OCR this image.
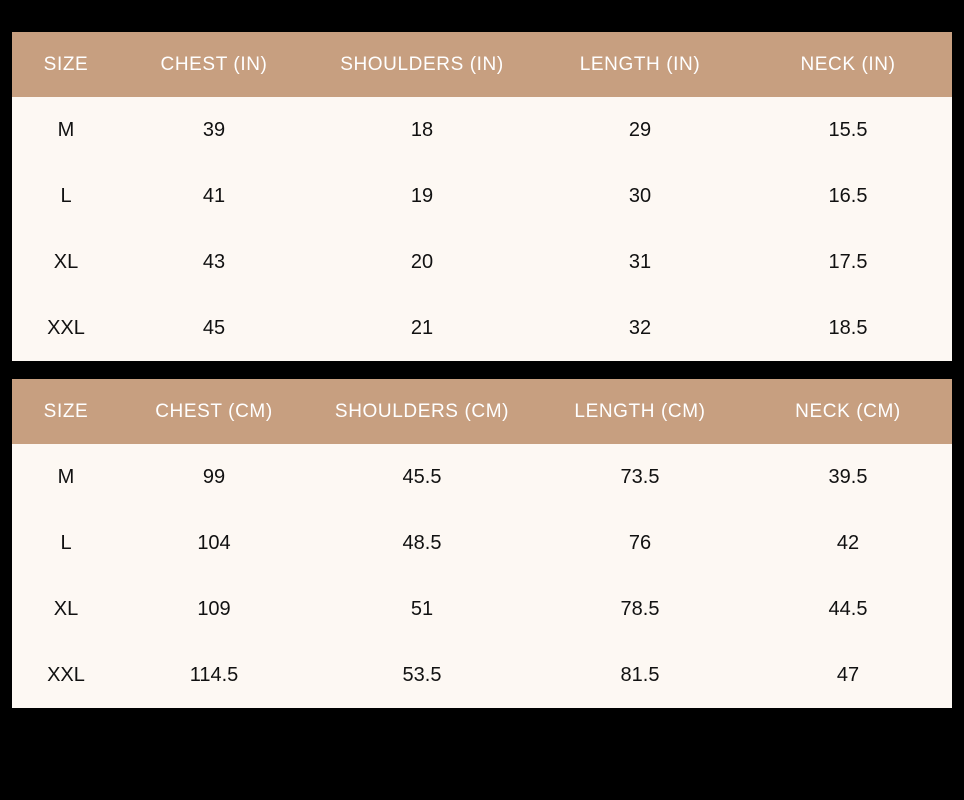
SIZE	CHEST (IN)	SHOULDERS (IN)	LENGTH (IN)	NECK (IN)
M	39	18	29	15.5
L	41	19	30	16.5
XL	43	20	31	17.5
XXL	45	21	32	18.5
SIZE	CHEST (CM)	SHOULDERS (CM)	LENGTH (CM)	NECK (CM)
M	99	45.5	73.5	39.5
L	104	48.5	76	42
XL	109	51	78.5	44.5
XXL	114.5	53.5	81.5	47
